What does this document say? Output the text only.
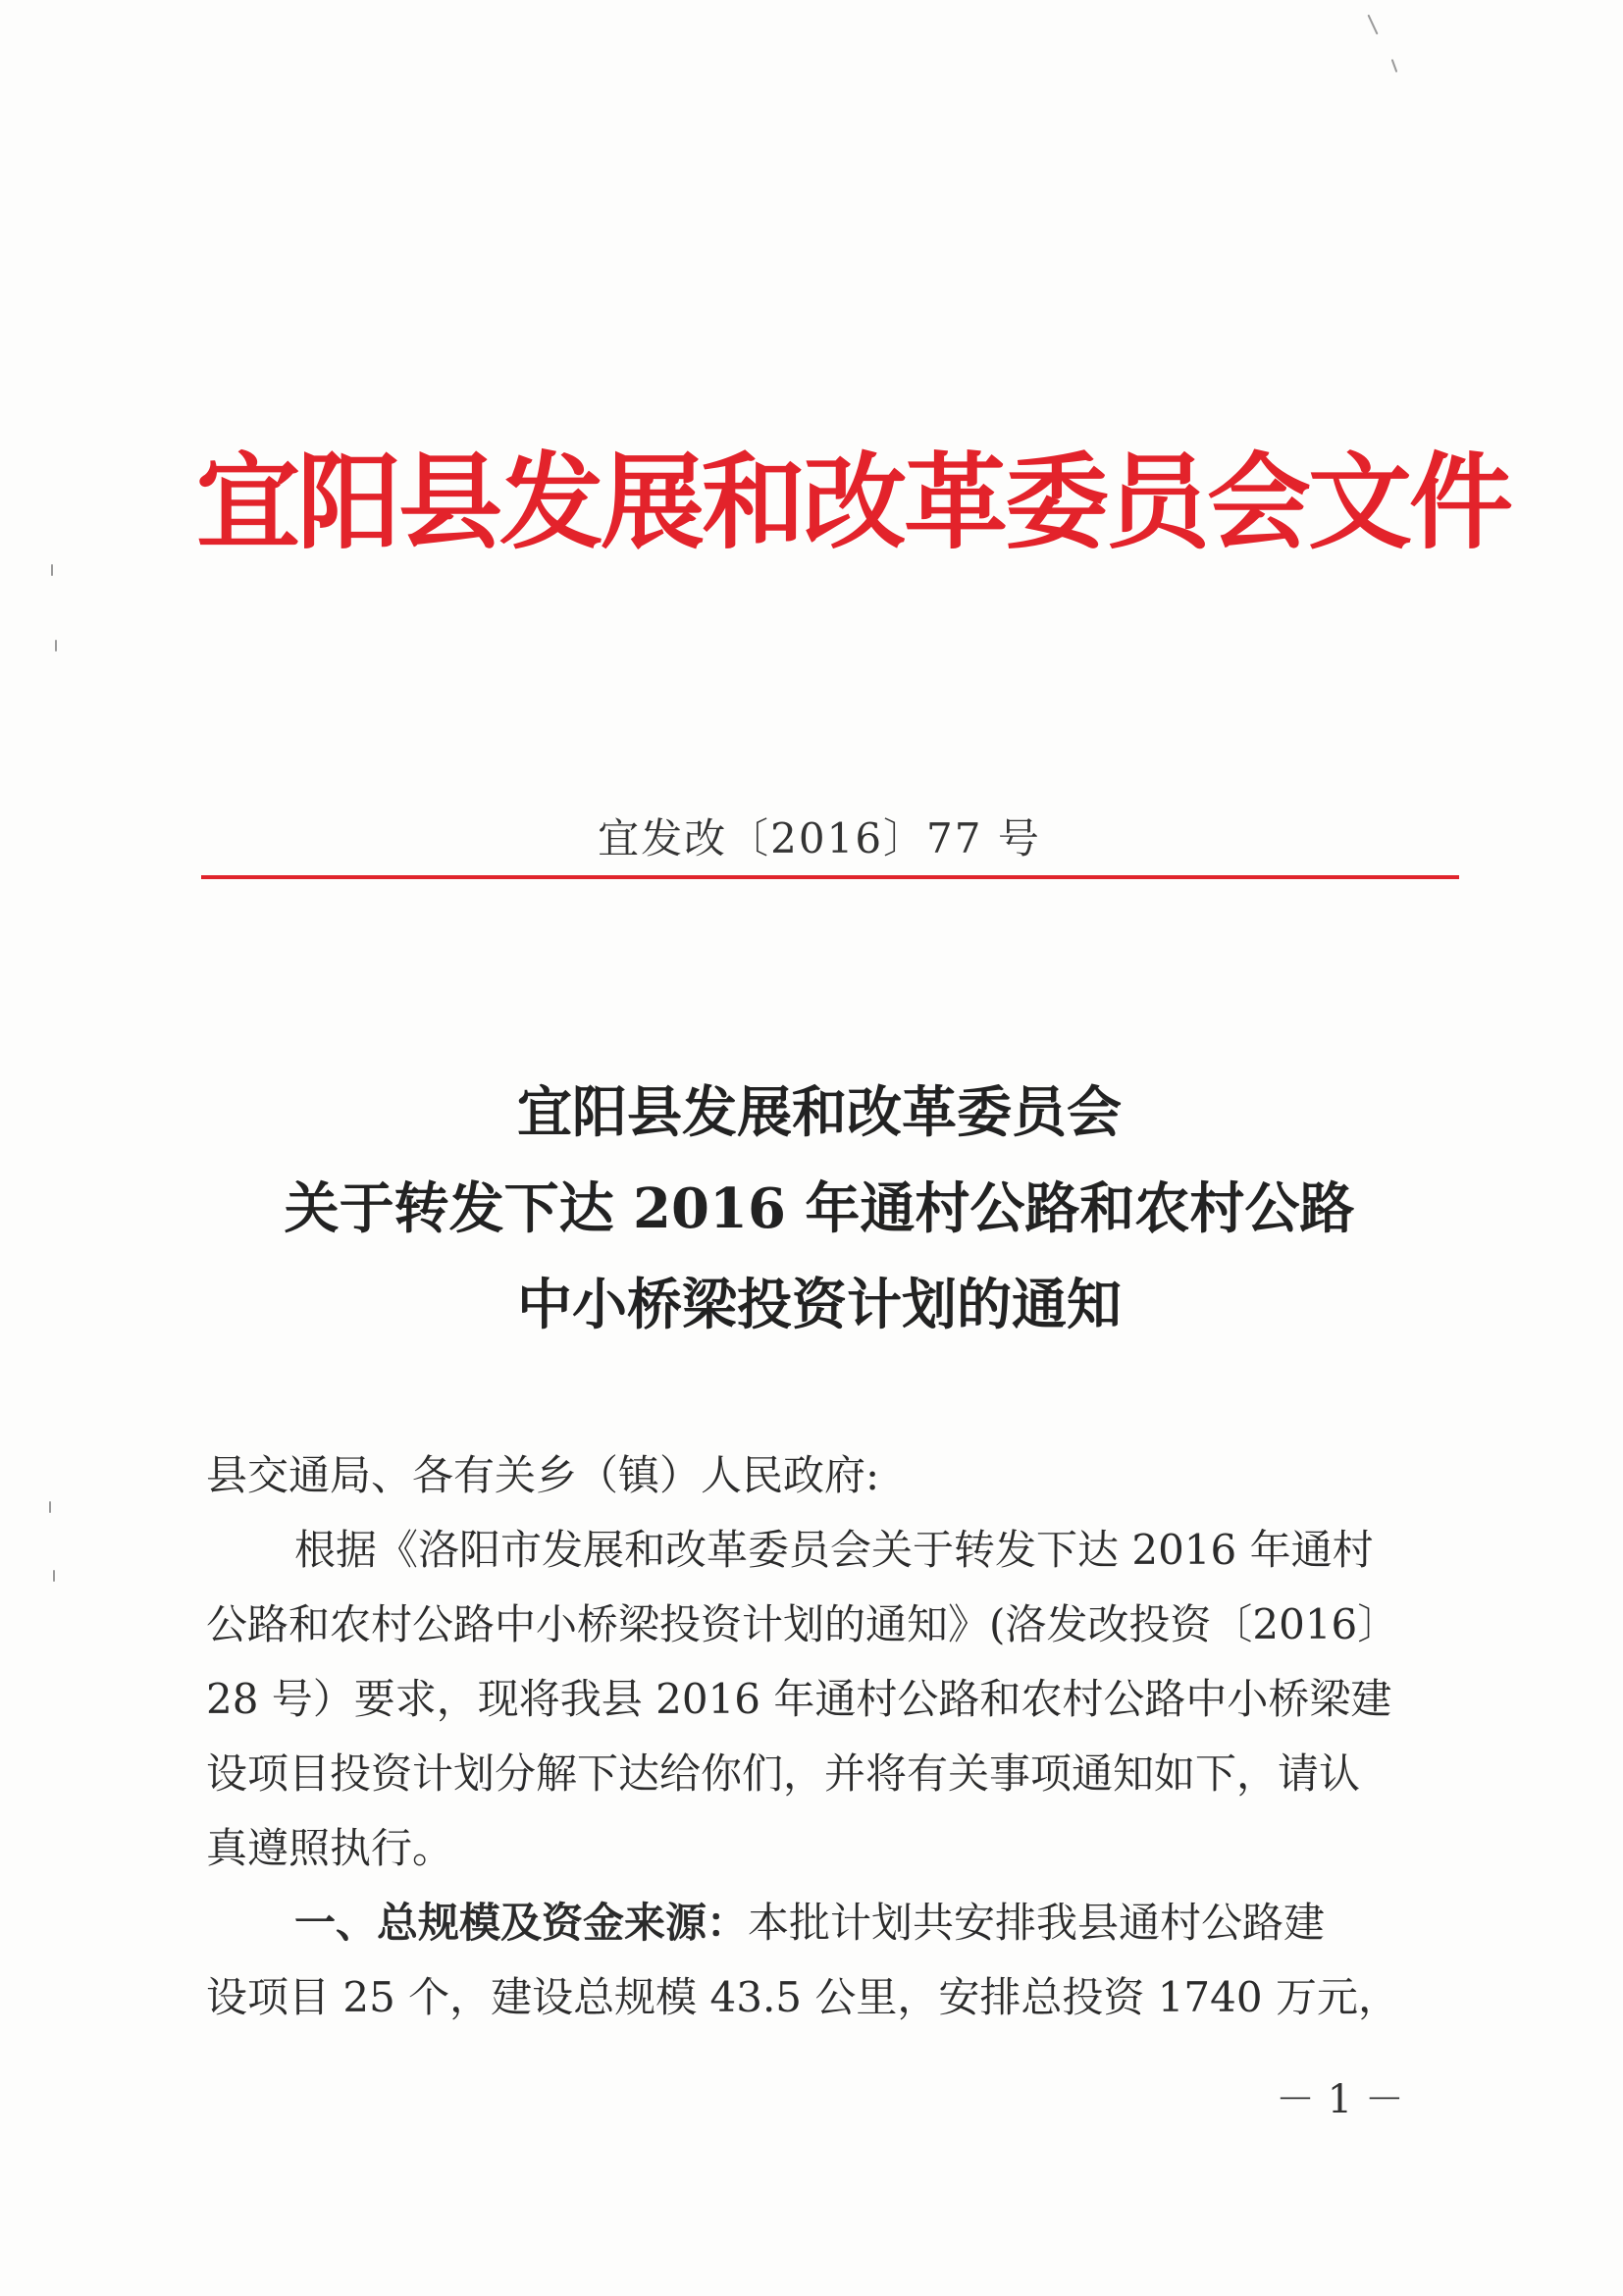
宜阳县发展和改革委员会文件
宜发改〔2016〕77 号
宜阳县发展和改革委员会
关于转发下达 2016 年通村公路和农村公路
中小桥梁投资计划的通知
县交通局、各有关乡（镇）人民政府:
根据《洛阳市发展和改革委员会关于转发下达 2016 年通村
公路和农村公路中小桥梁投资计划的通知》(洛发改投资〔2016〕
28 号）要求，现将我县 2016 年通村公路和农村公路中小桥梁建
设项目投资计划分解下达给你们，并将有关事项通知如下，请认
真遵照执行。
一、总规模及资金来源：本批计划共安排我县通村公路建
设项目 25 个，建设总规模 43.5 公里，安排总投资 1740 万元，
－ 1 －
